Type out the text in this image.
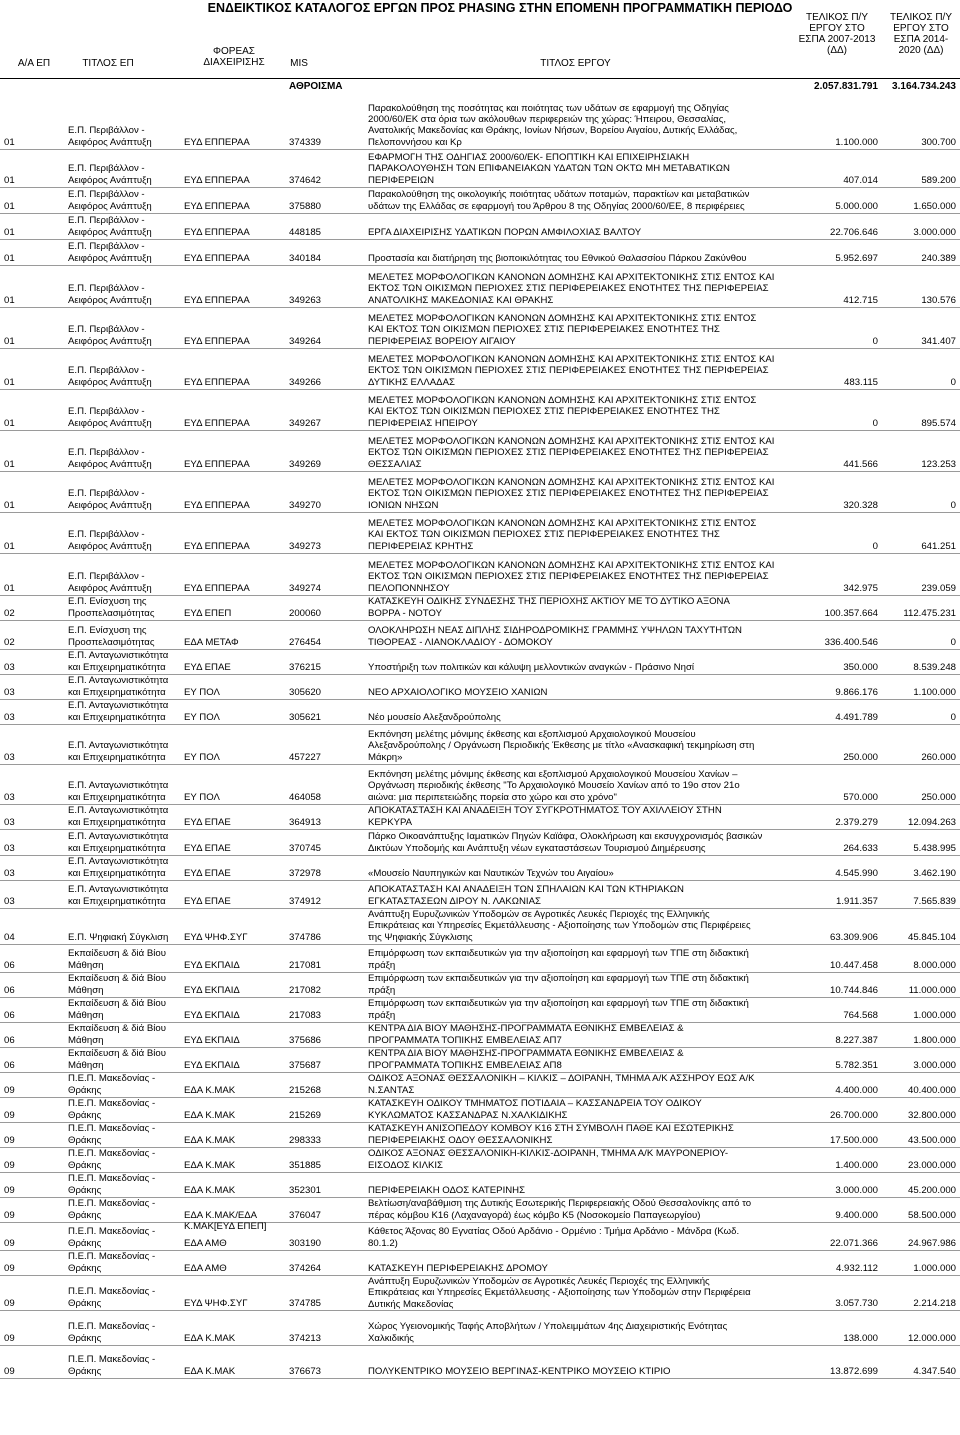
ΕΝΔΕΙΚΤΙΚΟΣ ΚΑΤΑΛΟΓΟΣ ΕΡΓΩΝ ΠΡΟΣ PHASING ΣΤΗΝ ΕΠΟΜΕΝΗ ΠΡΟΓΡΑΜΜΑΤΙΚΗ ΠΕΡΙΟΔΟ
Α/Α ΕΠ	ΤΙΤΛΟΣ ΕΠ
ΦΟΡΕΑΣ
ΔΙΑΧΕΙΡΙΣΗΣ	MIS	ΤΙΤΛΟΣ ΕΡΓΟΥ
ΤΕΛΙΚΟΣ Π/Υ
ΕΡΓΟΥ ΣΤΟ
ΕΣΠΑ 2007-2013
(ΔΔ)
ΤΕΛΙΚΟΣ Π/Υ
ΕΡΓΟΥ ΣΤΟ
ΕΣΠΑ 2014-
2020 (ΔΔ)
ΑΘΡΟΙΣΜΑ	2.057.831.791	3.164.734.243
01
Ε.Π. Περιβάλλον -
Αειφόρος Ανάπτυξη	ΕΥΔ ΕΠΠΕΡΑΑ	374339
Παρακολούθηση της ποσότητας και ποιότητας των υδάτων σε εφαρμογή της Οδηγίας
2000/60/ΕΚ στα όρια των ακόλουθων περιφερειών της χώρας: Ήπειρου, Θεσσαλίας,
Ανατολικής Μακεδονίας και Θράκης, Ιονίων Νήσων, Βορείου Αιγαίου, Δυτικής Ελλάδας,
Πελοποννήσου και Κρ	1.100.000	300.700
01
Ε.Π. Περιβάλλον -
Αειφόρος Ανάπτυξη	ΕΥΔ ΕΠΠΕΡΑΑ	374642
ΕΦΑΡΜΟΓΗ ΤΗΣ ΟΔΗΓΙΑΣ 2000/60/ΕΚ- ΕΠΟΠΤΙΚΗ ΚΑΙ ΕΠΙΧΕΙΡΗΣΙΑΚΗ
ΠΑΡΑΚΟΛΟΥΘΗΣΗ ΤΩΝ ΕΠΙΦΑΝΕΙΑΚΩΝ ΥΔΑΤΩΝ ΤΩΝ ΟΚΤΩ ΜΗ ΜΕΤΑΒΑΤΙΚΩΝ
ΠΕΡΙΦΕΡΕΙΩΝ	407.014	589.200
01
Ε.Π. Περιβάλλον -
Αειφόρος Ανάπτυξη	ΕΥΔ ΕΠΠΕΡΑΑ	375880
Παρακολούθηση της οικολογικής ποιότητας υδάτων ποταμών, παρακτίων και μεταβατικών
υδάτων της Ελλάδας σε εφαρμογή του Άρθρου 8 της Οδηγίας 2000/60/ΕΕ, 8 περιφέρειες	5.000.000	1.650.000
01
Ε.Π. Περιβάλλον -
Αειφόρος Ανάπτυξη	ΕΥΔ ΕΠΠΕΡΑΑ	448185	ΕΡΓΑ ΔΙΑΧΕΙΡΙΣΗΣ ΥΔΑΤΙΚΩΝ ΠΟΡΩΝ ΑΜΦΙΛΟΧΙΑΣ ΒΑΛΤΟΥ	22.706.646	3.000.000
01
Ε.Π. Περιβάλλον -
Αειφόρος Ανάπτυξη	ΕΥΔ ΕΠΠΕΡΑΑ	340184	Προστασία και διατήρηση της βιοποικιλότητας του Εθνικού Θαλασσίου Πάρκου Ζακύνθου	5.952.697	240.389
01
Ε.Π. Περιβάλλον -
Αειφόρος Ανάπτυξη	ΕΥΔ ΕΠΠΕΡΑΑ	349263
ΜΕΛΕΤΕΣ ΜΟΡΦΟΛΟΓΙΚΩΝ ΚΑΝΟΝΩΝ ΔΟΜΗΣΗΣ ΚΑΙ ΑΡΧΙΤΕΚΤΟΝΙΚΗΣ ΣΤΙΣ ΕΝΤΟΣ ΚΑΙ
ΕΚΤΟΣ ΤΩΝ ΟΙΚΙΣΜΩΝ ΠΕΡΙΟΧΕΣ ΣΤΙΣ ΠΕΡΙΦΕΡΕΙΑΚΕΣ ΕΝΟΤΗΤΕΣ ΤΗΣ ΠΕΡΙΦΕΡΕΙΑΣ
ΑΝΑΤΟΛΙΚΗΣ ΜΑΚΕΔΟΝΙΑΣ ΚΑΙ ΘΡΑΚΗΣ	412.715	130.576
01
Ε.Π. Περιβάλλον -
Αειφόρος Ανάπτυξη	ΕΥΔ ΕΠΠΕΡΑΑ	349264
ΜΕΛΕΤΕΣ ΜΟΡΦΟΛΟΓΙΚΩΝ ΚΑΝΟΝΩΝ ΔΟΜΗΣΗΣ ΚΑΙ ΑΡΧΙΤΕΚΤΟΝΙΚΗΣ ΣΤΙΣ ΕΝΤΟΣ
ΚΑΙ ΕΚΤΟΣ ΤΩΝ ΟΙΚΙΣΜΩΝ ΠΕΡΙΟΧΕΣ ΣΤΙΣ ΠΕΡΙΦΕΡΕΙΑΚΕΣ ΕΝΟΤΗΤΕΣ ΤΗΣ
ΠΕΡΙΦΕΡΕΙΑΣ ΒΟΡΕΙΟΥ ΑΙΓΑΙΟΥ	0	341.407
01
Ε.Π. Περιβάλλον -
Αειφόρος Ανάπτυξη	ΕΥΔ ΕΠΠΕΡΑΑ	349266
ΜΕΛΕΤΕΣ ΜΟΡΦΟΛΟΓΙΚΩΝ ΚΑΝΟΝΩΝ ΔΟΜΗΣΗΣ ΚΑΙ ΑΡΧΙΤΕΚΤΟΝΙΚΗΣ ΣΤΙΣ ΕΝΤΟΣ ΚΑΙ
ΕΚΤΟΣ ΤΩΝ ΟΙΚΙΣΜΩΝ ΠΕΡΙΟΧΕΣ ΣΤΙΣ ΠΕΡΙΦΕΡΕΙΑΚΕΣ ΕΝΟΤΗΤΕΣ ΤΗΣ ΠΕΡΙΦΕΡΕΙΑΣ
ΔΥΤΙΚΗΣ ΕΛΛΑΔΑΣ	483.115	0
01
Ε.Π. Περιβάλλον -
Αειφόρος Ανάπτυξη	ΕΥΔ ΕΠΠΕΡΑΑ	349267
ΜΕΛΕΤΕΣ ΜΟΡΦΟΛΟΓΙΚΩΝ ΚΑΝΟΝΩΝ ΔΟΜΗΣΗΣ ΚΑΙ ΑΡΧΙΤΕΚΤΟΝΙΚΗΣ ΣΤΙΣ ΕΝΤΟΣ
ΚΑΙ ΕΚΤΟΣ ΤΩΝ ΟΙΚΙΣΜΩΝ ΠΕΡΙΟΧΕΣ ΣΤΙΣ ΠΕΡΙΦΕΡΕΙΑΚΕΣ ΕΝΟΤΗΤΕΣ ΤΗΣ
ΠΕΡΙΦΕΡΕΙΑΣ ΗΠΕΙΡΟΥ	0	895.574
01
Ε.Π. Περιβάλλον -
Αειφόρος Ανάπτυξη	ΕΥΔ ΕΠΠΕΡΑΑ	349269
ΜΕΛΕΤΕΣ ΜΟΡΦΟΛΟΓΙΚΩΝ ΚΑΝΟΝΩΝ ΔΟΜΗΣΗΣ ΚΑΙ ΑΡΧΙΤΕΚΤΟΝΙΚΗΣ ΣΤΙΣ ΕΝΤΟΣ ΚΑΙ
ΕΚΤΟΣ ΤΩΝ ΟΙΚΙΣΜΩΝ ΠΕΡΙΟΧΕΣ ΣΤΙΣ ΠΕΡΙΦΕΡΕΙΑΚΕΣ ΕΝΟΤΗΤΕΣ ΤΗΣ ΠΕΡΙΦΕΡΕΙΑΣ
ΘΕΣΣΑΛΙΑΣ	441.566	123.253
01
Ε.Π. Περιβάλλον -
Αειφόρος Ανάπτυξη	ΕΥΔ ΕΠΠΕΡΑΑ	349270
ΜΕΛΕΤΕΣ ΜΟΡΦΟΛΟΓΙΚΩΝ ΚΑΝΟΝΩΝ ΔΟΜΗΣΗΣ ΚΑΙ ΑΡΧΙΤΕΚΤΟΝΙΚΗΣ ΣΤΙΣ ΕΝΤΟΣ ΚΑΙ
ΕΚΤΟΣ ΤΩΝ ΟΙΚΙΣΜΩΝ ΠΕΡΙΟΧΕΣ ΣΤΙΣ ΠΕΡΙΦΕΡΕΙΑΚΕΣ ΕΝΟΤΗΤΕΣ ΤΗΣ ΠΕΡΙΦΕΡΕΙΑΣ
ΙΟΝΙΩΝ ΝΗΣΩΝ	320.328	0
01
Ε.Π. Περιβάλλον -
Αειφόρος Ανάπτυξη	ΕΥΔ ΕΠΠΕΡΑΑ	349273
ΜΕΛΕΤΕΣ ΜΟΡΦΟΛΟΓΙΚΩΝ ΚΑΝΟΝΩΝ ΔΟΜΗΣΗΣ ΚΑΙ ΑΡΧΙΤΕΚΤΟΝΙΚΗΣ ΣΤΙΣ ΕΝΤΟΣ
ΚΑΙ ΕΚΤΟΣ ΤΩΝ ΟΙΚΙΣΜΩΝ ΠΕΡΙΟΧΕΣ ΣΤΙΣ ΠΕΡΙΦΕΡΕΙΑΚΕΣ ΕΝΟΤΗΤΕΣ ΤΗΣ
ΠΕΡΙΦΕΡΕΙΑΣ ΚΡΗΤΗΣ	0	641.251
01
Ε.Π. Περιβάλλον -
Αειφόρος Ανάπτυξη	ΕΥΔ ΕΠΠΕΡΑΑ	349274
ΜΕΛΕΤΕΣ ΜΟΡΦΟΛΟΓΙΚΩΝ ΚΑΝΟΝΩΝ ΔΟΜΗΣΗΣ ΚΑΙ ΑΡΧΙΤΕΚΤΟΝΙΚΗΣ ΣΤΙΣ ΕΝΤΟΣ ΚΑΙ
ΕΚΤΟΣ ΤΩΝ ΟΙΚΙΣΜΩΝ ΠΕΡΙΟΧΕΣ ΣΤΙΣ ΠΕΡΙΦΕΡΕΙΑΚΕΣ ΕΝΟΤΗΤΕΣ ΤΗΣ ΠΕΡΙΦΕΡΕΙΑΣ
ΠΕΛΟΠΟΝΝΗΣΟΥ	342.975	239.059
02
Ε.Π. Ενίσχυση της
Προσπελασιμότητας	ΕΥΔ ΕΠΕΠ	200060
ΚΑΤΑΣΚΕΥΗ ΟΔΙΚΗΣ ΣΥΝΔΕΣΗΣ ΤΗΣ ΠΕΡΙΟΧΗΣ ΑΚΤΙΟΥ ΜΕ ΤΟ ΔΥΤΙΚΟ ΑΞΟΝΑ
ΒΟΡΡΑ - ΝΟΤΟΥ	100.357.664	112.475.231
02
Ε.Π. Ενίσχυση της
Προσπελασιμότητας	ΕΔΑ ΜΕΤΑΦ	276454
ΟΛΟΚΛΗΡΩΣΗ ΝΕΑΣ ΔΙΠΛΗΣ ΣΙΔΗΡΟΔΡΟΜΙΚΗΣ ΓΡΑΜΜΗΣ ΥΨΗΛΩΝ ΤΑΧΥΤΗΤΩΝ
ΤΙΘΟΡΕΑΣ - ΛΙΑΝΟΚΛΑΔΙΟΥ - ΔΟΜΟΚΟΥ	336.400.546	0
03
Ε.Π. Ανταγωνιστικότητα
και Επιχειρηματικότητα	ΕΥΔ ΕΠΑΕ	376215	Υποστήριξη των πολιτικών και κάλυψη μελλοντικών αναγκών - Πράσινο Νησί	350.000	8.539.248
03
Ε.Π. Ανταγωνιστικότητα
και Επιχειρηματικότητα	ΕΥ ΠΟΛ	305620	ΝΕΟ ΑΡΧΑΙΟΛΟΓΙΚΟ ΜΟΥΣΕΙΟ ΧΑΝΙΩΝ	9.866.176	1.100.000
03
Ε.Π. Ανταγωνιστικότητα
και Επιχειρηματικότητα	ΕΥ ΠΟΛ	305621	Νέο μουσείο Αλεξανδρούπολης	4.491.789	0
03
Ε.Π. Ανταγωνιστικότητα
και Επιχειρηματικότητα	ΕΥ ΠΟΛ	457227
Εκπόνηση μελέτης μόνιμης έκθεσης και εξοπλισμού Αρχαιολογικού Μουσείου
Αλεξανδρούπολης / Οργάνωση Περιοδικής Έκθεσης με τίτλο «Ανασκαφική τεκμηρίωση στη
Μάκρη»	250.000	260.000
03
Ε.Π. Ανταγωνιστικότητα
και Επιχειρηματικότητα	ΕΥ ΠΟΛ	464058
Εκπόνηση μελέτης μόνιμης έκθεσης και εξοπλισμού Αρχαιολογικού Μουσείου Χανίων –
Οργάνωση περιοδικής έκθεσης "Το Αρχαιολογικό Μουσείο Χανίων από το 19ο στον 21ο
αιώνα: μια περιπετειώδης πορεία στο χώρο και στο χρόνο"	570.000	250.000
03
Ε.Π. Ανταγωνιστικότητα
και Επιχειρηματικότητα	ΕΥΔ ΕΠΑΕ	364913
ΑΠΟΚΑΤΑΣΤΑΣΗ ΚΑΙ ΑΝΑΔΕΙΞΗ ΤΟΥ ΣΥΓΚΡΟΤΗΜΑΤΟΣ ΤΟΥ ΑΧΙΛΛΕΙΟΥ ΣΤΗΝ
ΚΕΡΚΥΡΑ	2.379.279	12.094.263
03
Ε.Π. Ανταγωνιστικότητα
και Επιχειρηματικότητα	ΕΥΔ ΕΠΑΕ	370745
Πάρκο Οικοανάπτυξης Ιαματικών Πηγών Καϊάφα, Ολοκλήρωση και εκσυγχρονισμός βασικών
Δικτύων Υποδομής και Ανάπτυξη νέων εγκαταστάσεων Τουρισμού Διημέρευσης	264.633	5.438.995
03
Ε.Π. Ανταγωνιστικότητα
και Επιχειρηματικότητα	ΕΥΔ ΕΠΑΕ	372978	«Μουσείο Ναυπηγικών και Ναυτικών Τεχνών του Αιγαίου»	4.545.990	3.462.190
03
Ε.Π. Ανταγωνιστικότητα
και Επιχειρηματικότητα	ΕΥΔ ΕΠΑΕ	374912
ΑΠΟΚΑΤΑΣΤΑΣΗ ΚΑΙ ΑΝΑΔΕΙΞΗ ΤΩΝ ΣΠΗΛΑΙΩΝ ΚΑΙ ΤΩΝ ΚΤΗΡΙΑΚΩΝ
ΕΓΚΑΤΑΣΤΑΣΕΩΝ ΔΙΡΟΥ Ν. ΛΑΚΩΝΙΑΣ	1.911.357	7.565.839
04	Ε.Π. Ψηφιακή Σύγκλιση	ΕΥΔ ΨΗΦ.ΣΥΓ	374786
Ανάπτυξη Ευρυζωνικών Υποδομών σε Αγροτικές Λευκές Περιοχές της Ελληνικής
Επικράτειας και Υπηρεσίες Εκμετάλλευσης - Αξιοποίησης των Υποδομών στις Περιφέρειες
της Ψηφιακής Σύγκλισης	63.309.906	45.845.104
06
Εκπαίδευση & δiά Βίου
Μάθηση	ΕΥΔ ΕΚΠΑΙΔ	217081
Επιμόρφωση των εκπαιδευτικών για την αξιοποίηση και εφαρμογή των ΤΠΕ στη διδακτική
πράξη	10.447.458	8.000.000
06
Εκπαίδευση & δiά Βίου
Μάθηση	ΕΥΔ ΕΚΠΑΙΔ	217082
Επιμόρφωση των εκπαιδευτικών για την αξιοποίηση και εφαρμογή των ΤΠΕ στη διδακτική
πράξη	10.744.846	11.000.000
06
Εκπαίδευση & δiά Βίου
Μάθηση	ΕΥΔ ΕΚΠΑΙΔ	217083
Επιμόρφωση των εκπαιδευτικών για την αξιοποίηση και εφαρμογή των ΤΠΕ στη διδακτική
πράξη	764.568	1.000.000
06
Εκπαίδευση & δiά Βίου
Μάθηση	ΕΥΔ ΕΚΠΑΙΔ	375686
ΚΕΝΤΡΑ ΔΙΑ ΒΙΟΥ ΜΑΘΗΣΗΣ-ΠΡΟΓΡΑΜΜΑΤΑ ΕΘΝΙΚΗΣ ΕΜΒΕΛΕΙΑΣ &
ΠΡΟΓΡΑΜΜΑΤΑ ΤΟΠΙΚΗΣ ΕΜΒΕΛΕΙΑΣ ΑΠ7	8.227.387	1.800.000
06
Εκπαίδευση & δiά Βίου
Μάθηση	ΕΥΔ ΕΚΠΑΙΔ	375687
ΚΕΝΤΡΑ ΔΙΑ ΒΙΟΥ ΜΑΘΗΣΗΣ-ΠΡΟΓΡΑΜΜΑΤΑ ΕΘΝΙΚΗΣ ΕΜΒΕΛΕΙΑΣ &
ΠΡΟΓΡΑΜΜΑΤΑ ΤΟΠΙΚΗΣ ΕΜΒΕΛΕΙΑΣ ΑΠ8	5.782.351	3.000.000
09
Π.Ε.Π. Μακεδονίας -
Θράκης	ΕΔΑ Κ.ΜΑΚ	215268
ΟΔΙΚΟΣ ΑΞΟΝΑΣ ΘΕΣΣΑΛΟΝΙΚΗ – ΚΙΛΚΙΣ – ΔΟΙΡΑΝΗ, ΤΜΗΜΑ Α/Κ ΑΣΣΗΡΟΥ ΕΩΣ Α/Κ
Ν.ΣΑΝΤΑΣ	4.400.000	40.400.000
09
Π.Ε.Π. Μακεδονίας -
Θράκης	ΕΔΑ Κ.ΜΑΚ	215269
ΚΑΤΑΣΚΕΥΗ ΟΔΙΚΟΥ ΤΜΗΜΑΤΟΣ ΠΟΤΙΔΑΙΑ – ΚΑΣΣΑΝΔΡΕΙΑ ΤΟΥ ΟΔΙΚΟΥ
ΚΥΚΛΩΜΑΤΟΣ ΚΑΣΣΑΝΔΡΑΣ Ν.ΧΑΛΚΙΔΙΚΗΣ	26.700.000	32.800.000
09
Π.Ε.Π. Μακεδονίας -
Θράκης	ΕΔΑ Κ.ΜΑΚ	298333
ΚΑΤΑΣΚΕΥΗ ΑΝΙΣΟΠΕΔΟΥ ΚΟΜΒΟΥ Κ16 ΣΤΗ ΣΥΜΒΟΛΗ ΠΑΘΕ ΚΑΙ ΕΣΩΤΕΡΙΚΗΣ
ΠΕΡΙΦΕΡΕΙΑΚΗΣ ΟΔΟΥ ΘΕΣΣΑΛΟΝΙΚΗΣ	17.500.000	43.500.000
09
Π.Ε.Π. Μακεδονίας -
Θράκης	ΕΔΑ Κ.ΜΑΚ	351885
ΟΔΙΚΟΣ ΑΞΟΝΑΣ ΘΕΣΣΑΛΟΝΙΚΗ-ΚΙΛΚΙΣ-ΔΟΙΡΑΝΗ, ΤΜΗΜΑ Α/Κ ΜΑΥΡΟΝΕΡΙΟΥ-
ΕΙΣΟΔΟΣ ΚΙΛΚΙΣ	1.400.000	23.000.000
09
Π.Ε.Π. Μακεδονίας -
Θράκης	ΕΔΑ Κ.ΜΑΚ	352301	ΠΕΡΙΦΕΡΕΙΑΚΗ ΟΔΟΣ ΚΑΤΕΡΙΝΗΣ	3.000.000	45.200.000
09
Π.Ε.Π. Μακεδονίας -
Θράκης	ΕΔΑ Κ.ΜΑΚ/ΕΔΑ Κ.ΜΑΚ[ΕΥΔ ΕΠΕΠ]
376047
Βελτίωση/αναβάθμιση της Δυτικής Εσωτερικής Περιφερειακής Οδού Θεσσαλονίκης από το
πέρας κόμβου Κ16 (Λαχαναγορά) έως κόμβο Κ5 (Νοσοκομείο Παπαγεωργίου)	9.400.000	58.500.000
09
Π.Ε.Π. Μακεδονίας -
Θράκης	ΕΔΑ ΑΜΘ	303190
Κάθετος Άξονας 80 Εγνατίας Οδού Αρδάνιο - Ορμένιο : Τμήμα Αρδάνιο - Μάνδρα (Κωδ.
80.1.2)	22.071.366	24.967.986
09
Π.Ε.Π. Μακεδονίας -
Θράκης	ΕΔΑ ΑΜΘ	374264	ΚΑΤΑΣΚΕΥΗ ΠΕΡΙΦΕΡΕΙΑΚΗΣ ΔΡΟΜΟΥ	4.932.112	1.000.000
09
Π.Ε.Π. Μακεδονίας -
Θράκης	ΕΥΔ ΨΗΦ.ΣΥΓ	374785
Ανάπτυξη Ευρυζωνικών Υποδομών σε Αγροτικές Λευκές Περιοχές της Ελληνικής
Επικράτειας και Υπηρεσίες Εκμετάλλευσης - Αξιοποίησης των Υποδομών στην Περιφέρεια
Δυτικής Μακεδονίας	3.057.730	2.214.218
09
Π.Ε.Π. Μακεδονίας -
Θράκης	ΕΔΑ Κ.ΜΑΚ	374213
Χώρος Υγειονομικής Ταφής Αποβλήτων / Υπολειμμάτων 4ης Διαχειριστικής Ενότητας
Χαλκιδικής	138.000	12.000.000
09
Π.Ε.Π. Μακεδονίας -
Θράκης	ΕΔΑ Κ.ΜΑΚ	376673	ΠΟΛΥΚΕΝΤΡΙΚΟ ΜΟΥΣΕΙΟ ΒΕΡΓΙΝΑΣ-ΚΕΝΤΡΙΚΟ ΜΟΥΣΕΙΟ ΚΤΙΡΙΟ	13.872.699	4.347.540
